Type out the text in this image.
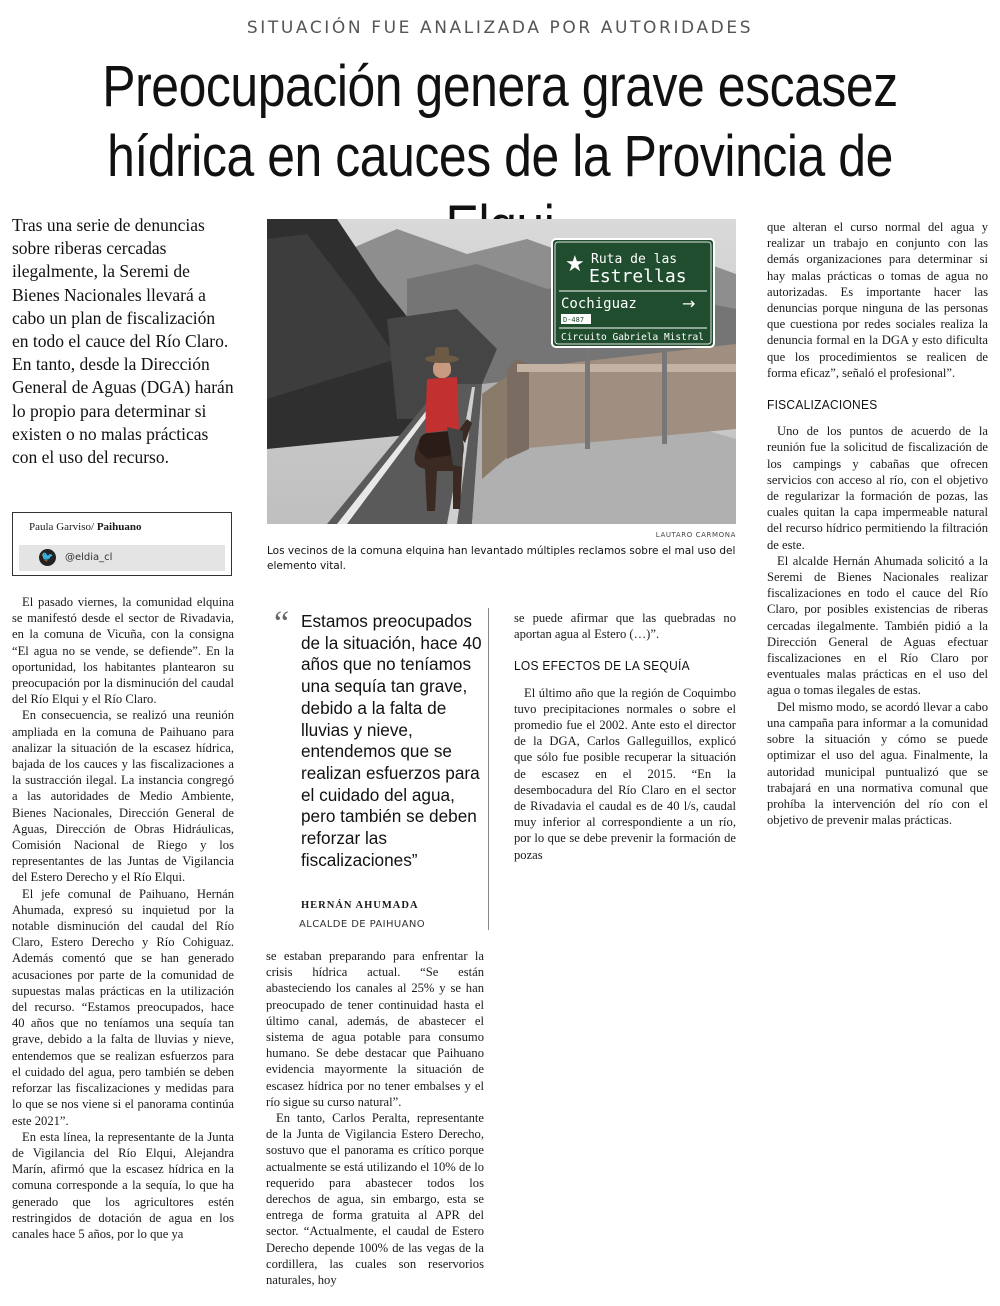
SITUACIÓN FUE ANALIZADA POR AUTORIDADES
Preocupación genera grave escasez
hídrica en cauces de la Provincia de
Tras una serie de denuncias sobre riberas cercadas ilegalmente, la Seremi de Bienes Nacionales llevará a cabo un plan de fiscalización en todo el cauce del Río Claro. En tanto, desde la Dirección General de Aguas (DGA) harán lo propio para determinar si existen o no malas prácticas con el uso del recurso.
Paula Garviso/ Paihuano
🐦 @eldia_cl
★ Ruta de las
Estrellas
Cochiguaz	→
D-487
Circuito Gabriela Mistral
LAUTARO CARMONA
Los vecinos de la comuna elquina han levantado múltiples reclamos sobre el mal uso del elemento vital.

El pasado viernes, la comunidad elquina se manifestó desde el sector de Rivadavia, en la comuna de Vicuña, con la consigna “El agua no se vende, se defiende”. En la oportunidad, los habitantes plantearon su preocupación por la disminución del caudal del Río Elqui y el Río Claro.

En consecuencia, se realizó una reunión ampliada en la comuna de Paihuano para analizar la situación de la escasez hídrica, bajada de los cauces y las fiscalizaciones a la sustracción ilegal. La instancia congregó a las autoridades de Medio Ambiente, Bienes Nacionales, Dirección General de Aguas, Dirección de Obras Hidráulicas, Comisión Nacional de Riego y los representantes de las Juntas de Vigilancia del Estero Derecho y el Río Elqui.

El jefe comunal de Paihuano, Hernán Ahumada, expresó su inquietud por la notable disminución del caudal del Río Claro, Estero Derecho y Río Cohiguaz. Además comentó que se han generado acusaciones por parte de la comunidad de supuestas malas prácticas en la utilización del recurso. “Estamos preocupados, hace 40 años que no teníamos una sequía tan grave, debido a la falta de lluvias y nieve, entendemos que se realizan esfuerzos para el cuidado del agua, pero también se deben reforzar las fiscalizaciones y medidas para lo que se nos viene si el panorama continúa este 2021”.

En esta línea, la representante de la Junta de Vigilancia del Río Elqui, Alejandra Marín, afirmó que la escasez hídrica en la comuna corresponde a la sequía, lo que ha generado que los agricultores estén restringidos de dotación de agua en los canales hace 5 años, por lo que ya

“ Estamos preocupados de la situación, hace 40 años que no teníamos una sequía tan grave, debido a la falta de lluvias y nieve, entendemos que se realizan esfuerzos para el cuidado del agua, pero también se deben reforzar las fiscalizaciones”
HERNÁN AHUMADA
ALCALDE DE PAIHUANO

se estaban preparando para enfrentar la crisis hídrica actual. “Se están abasteciendo los canales al 25% y se han preocupado de tener continuidad hasta el último canal, además, de abastecer el sistema de agua potable para consumo humano. Se debe destacar que Paihuano evidencia mayormente la situación de escasez hídrica por no tener embalses y el río sigue su curso natural”.

En tanto, Carlos Peralta, representante de la Junta de Vigilancia Estero Derecho, sostuvo que el panorama es crítico porque actualmente se está utilizando el 10% de lo requerido para abastecer todos los derechos de agua, sin embargo, esta se entrega de forma gratuita al APR del sector. “Actualmente, el caudal de Estero Derecho depende 100% de las vegas de la cordillera, las cuales son reservorios naturales, hoy

se puede afirmar que las quebradas no aportan agua al Estero (…)”.

LOS EFECTOS DE LA SEQUÍA

El último año que la región de Coquimbo tuvo precipitaciones normales o sobre el promedio fue el 2002. Ante esto el director de la DGA, Carlos Galleguillos, explicó que sólo fue posible recuperar la situación de escasez en el 2015. “En la desembocadura del Río Claro en el sector de Rivadavia el caudal es de 40 l/s, caudal muy inferior al correspondiente a un río, por lo que se debe prevenir la formación de pozas

que alteran el curso normal del agua y realizar un trabajo en conjunto con las demás organizaciones para determinar si hay malas prácticas o tomas de agua no autorizadas. Es importante hacer las denuncias porque ninguna de las personas que cuestiona por redes sociales realiza la denuncia formal en la DGA y esto dificulta que los procedimientos se realicen de forma eficaz”, señaló el profesional”.

FISCALIZACIONES

Uno de los puntos de acuerdo de la reunión fue la solicitud de fiscalización de los campings y cabañas que ofrecen servicios con acceso al río, con el objetivo de regularizar la formación de pozas, las cuales quitan la capa impermeable natural del recurso hídrico permitiendo la filtración de este.

El alcalde Hernán Ahumada solicitó a la Seremi de Bienes Nacionales realizar fiscalizaciones en todo el cauce del Río Claro, por posibles existencias de riberas cercadas ilegalmente. También pidió a la Dirección General de Aguas efectuar fiscalizaciones en el Río Claro por eventuales malas prácticas en el uso del agua o tomas ilegales de estas.

Del mismo modo, se acordó llevar a cabo una campaña para informar a la comunidad sobre la situación y cómo se puede optimizar el uso del agua. Finalmente, la autoridad municipal puntualizó que se trabajará en una normativa comunal que prohíba la intervención del río con el objetivo de prevenir malas prácticas.
